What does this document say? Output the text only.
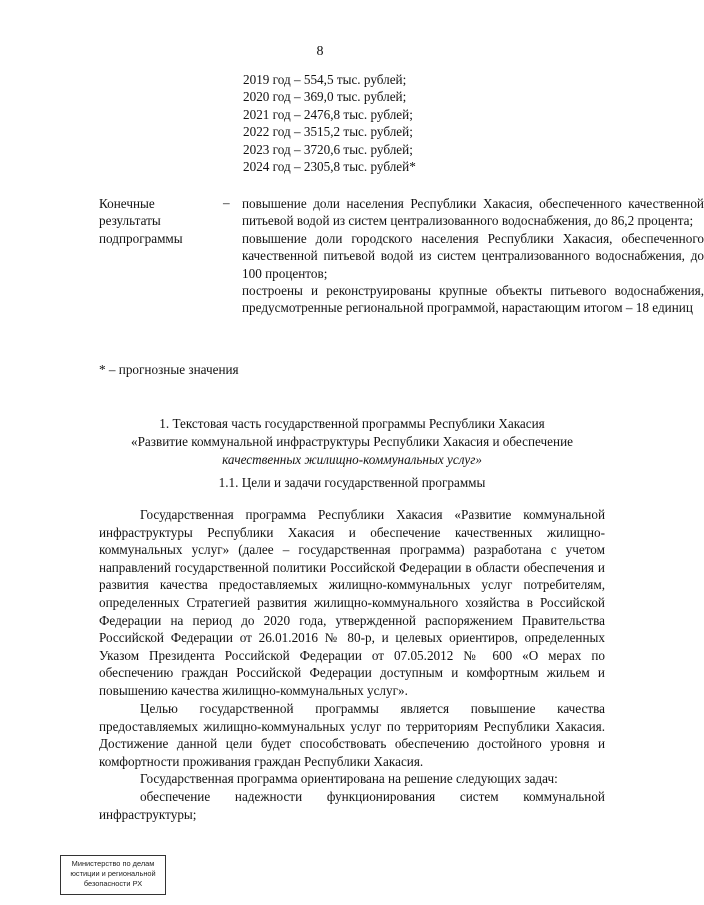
8
2019 год – 554,5 тыс. рублей;
2020 год – 369,0 тыс. рублей;
2021 год – 2476,8 тыс. рублей;
2022 год – 3515,2 тыс. рублей;
2023 год – 3720,6 тыс. рублей;
2024 год – 2305,8 тыс. рублей*
Конечные
результаты
подпрограммы
– повышение доли населения Республики Хакасия, обеспеченного качественной питьевой водой из систем централизованного водоснабжения, до 86,2 процента;
повышение доли городского населения Республики Хакасия, обеспеченного качественной питьевой водой из систем централизованного водоснабжения, до 100 процентов;
построены и реконструированы крупные объекты питьевого водоснабжения, предусмотренные региональной программой, нарастающим итогом – 18 единиц
* – прогнозные значения
1. Текстовая часть государственной программы Республики Хакасия
«Развитие коммунальной инфраструктуры Республики Хакасия и обеспечение
качественных жилищно-коммунальных услуг»
1.1. Цели и задачи государственной программы
Государственная программа Республики Хакасия «Развитие коммунальной инфраструктуры Республики Хакасия и обеспечение качественных жилищно-коммунальных услуг» (далее – государственная программа) разработана с учетом направлений государственной политики Российской Федерации в области обеспечения и развития качества предоставляемых жилищно-коммунальных услуг потребителям, определенных Стратегией развития жилищно-коммунального хозяйства в Российской Федерации на период до 2020 года, утвержденной распоряжением Правительства Российской Федерации от 26.01.2016 № 80-р, и целевых ориентиров, определенных Указом Президента Российской Федерации от 07.05.2012 № 600 «О мерах по обеспечению граждан Российской Федерации доступным и комфортным жильем и повышению качества жилищно-коммунальных услуг».
Целью государственной программы является повышение качества предоставляемых жилищно-коммунальных услуг по территориям Республики Хакасия. Достижение данной цели будет способствовать обеспечению достойного уровня и комфортности проживания граждан Республики Хакасия.
Государственная программа ориентирована на решение следующих задач:
обеспечение надежности функционирования систем коммунальной инфраструктуры;
Министерство по делам
юстиции и региональной
безопасности РХ
